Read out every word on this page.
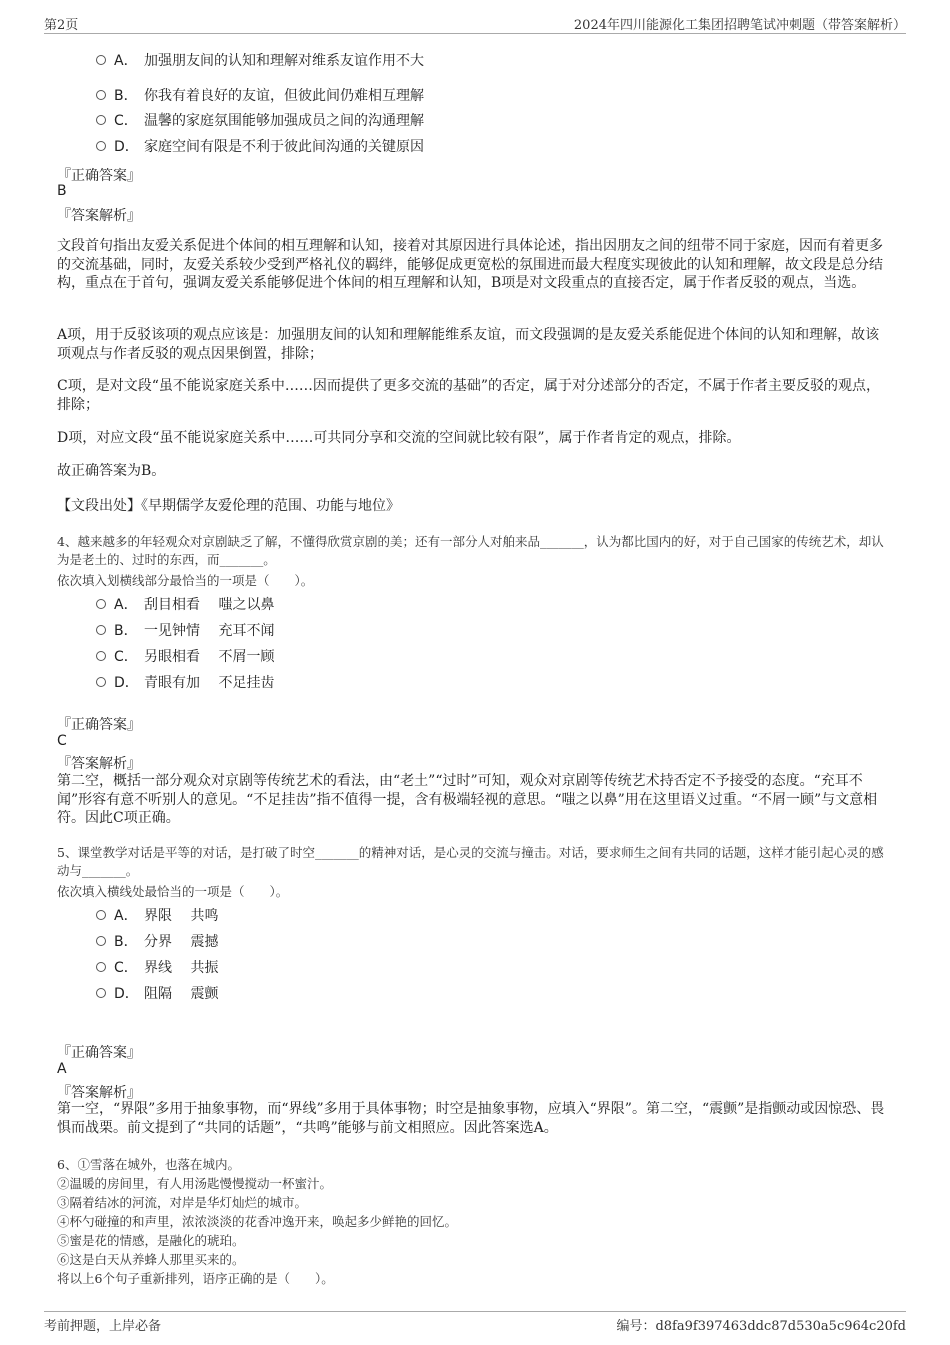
第2页	2024年四川能源化工集团招聘笔试冲刺题（带答案解析）
A． 加强朋友间的认知和理解对维系友谊作用不大
B． 你我有着良好的友谊，但彼此间仍难相互理解
C． 温馨的家庭氛围能够加强成员之间的沟通理解
D． 家庭空间有限是不利于彼此间沟通的关键原因
『正确答案』
B
『答案解析』
文段首句指出友爱关系促进个体间的相互理解和认知，接着对其原因进行具体论述，指出因朋友之间的纽带不同于家庭，因而有着更多的交流基础，同时，友爱关系较少受到严格礼仪的羁绊，能够促成更宽松的氛围进而最大程度实现彼此的认知和理解，故文段是总分结构，重点在于首句，强调友爱关系能够促进个体间的相互理解和认知，B项是对文段重点的直接否定，属于作者反驳的观点，当选。
A项，用于反驳该项的观点应该是：加强朋友间的认知和理解能维系友谊，而文段强调的是友爱关系能促进个体间的认知和理解，故该项观点与作者反驳的观点因果倒置，排除；
C项，是对文段“虽不能说家庭关系中……因而提供了更多交流的基础”的否定，属于对分述部分的否定，不属于作者主要反驳的观点，排除；
D项，对应文段“虽不能说家庭关系中……可共同分享和交流的空间就比较有限”，属于作者肯定的观点，排除。
故正确答案为B。
【文段出处】《早期儒学友爱伦理的范围、功能与地位》
4、越来越多的年轻观众对京剧缺乏了解，不懂得欣赏京剧的美；还有一部分人对舶来品_______，认为都比国内的好，对于自己国家的传统艺术，却认为是老土的、过时的东西，而_______。
依次填入划横线部分最恰当的一项是（　　）。
A． 刮目相看　 嗤之以鼻
B． 一见钟情　 充耳不闻
C． 另眼相看　 不屑一顾
D． 青眼有加　 不足挂齿
『正确答案』
C
『答案解析』
第二空，概括一部分观众对京剧等传统艺术的看法，由“老土”“过时”可知，观众对京剧等传统艺术持否定不予接受的态度。“充耳不闻”形容有意不听别人的意见。“不足挂齿”指不值得一提，含有极端轻视的意思。“嗤之以鼻”用在这里语义过重。“不屑一顾”与文意相符。因此C项正确。
5、课堂教学对话是平等的对话，是打破了时空_______的精神对话，是心灵的交流与撞击。对话，要求师生之间有共同的话题，这样才能引起心灵的感动与_______。
依次填入横线处最恰当的一项是（　　）。
A． 界限　 共鸣
B． 分界　 震撼
C． 界线　 共振
D． 阻隔　 震颤
『正确答案』
A
『答案解析』
第一空，“界限”多用于抽象事物，而“界线”多用于具体事物；时空是抽象事物，应填入“界限”。第二空，“震颤”是指颤动或因惊恐、畏惧而战栗。前文提到了“共同的话题”，“共鸣”能够与前文相照应。因此答案选A。
6、①雪落在城外，也落在城内。
②温暖的房间里，有人用汤匙慢慢搅动一杯蜜汁。
③隔着结冰的河流，对岸是华灯灿烂的城市。
④杯勺碰撞的和声里，浓浓淡淡的花香冲逸开来，唤起多少鲜艳的回忆。
⑤蜜是花的情感，是融化的琥珀。
⑥这是白天从养蜂人那里买来的。
将以上6个句子重新排列，语序正确的是（　　）。
考前押题，上岸必备	编号：d8fa9f397463ddc87d530a5c964c20fd
